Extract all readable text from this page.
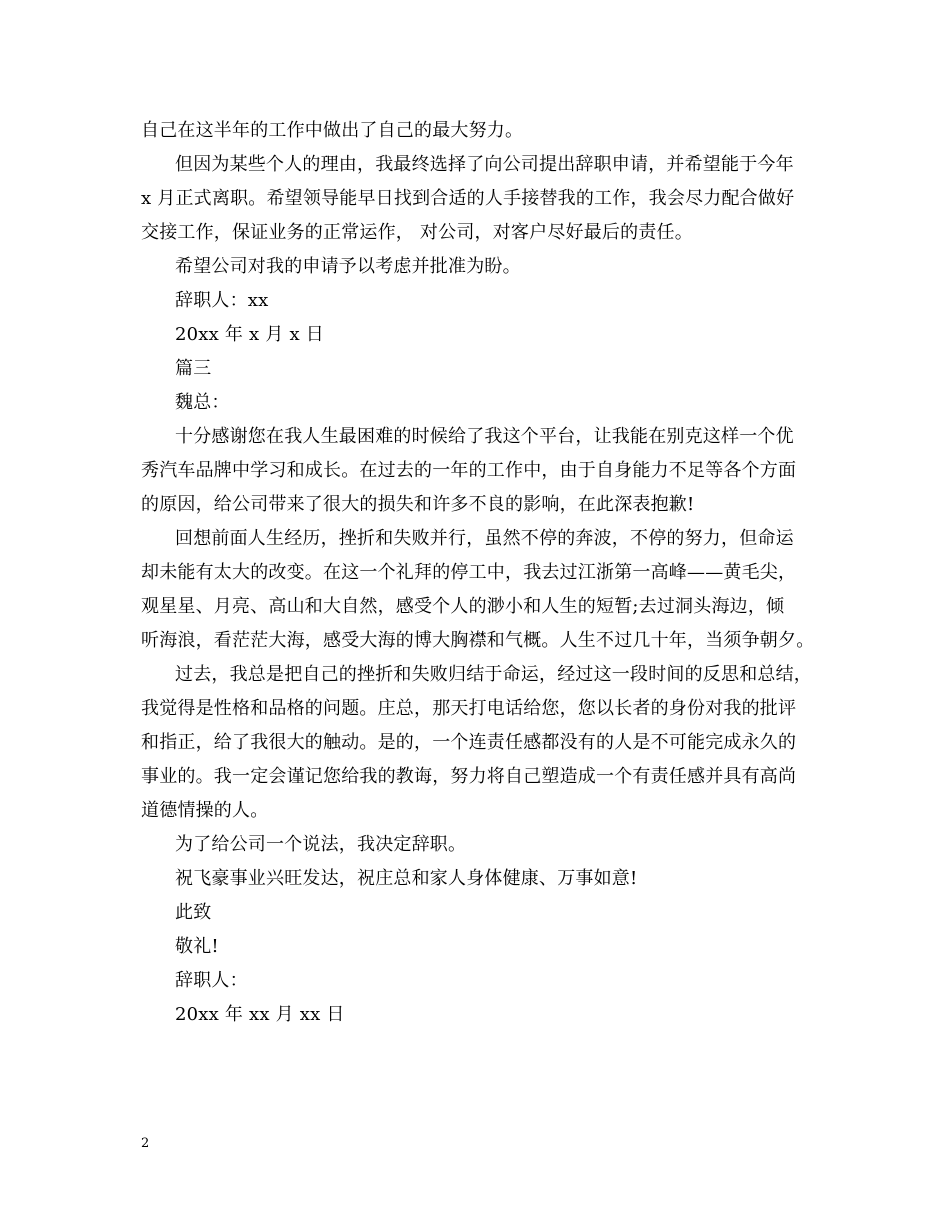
自己在这半年的工作中做出了自己的最大努力。
但因为某些个人的理由，我最终选择了向公司提出辞职申请，并希望能于今年
x 月正式离职。希望领导能早日找到合适的人手接替我的工作，我会尽力配合做好
交接工作，保证业务的正常运作， 对公司，对客户尽好最后的责任。
希望公司对我的申请予以考虑并批准为盼。
辞职人：xx
20xx 年 x 月 x 日
篇三
魏总：
十分感谢您在我人生最困难的时候给了我这个平台，让我能在别克这样一个优
秀汽车品牌中学习和成长。在过去的一年的工作中，由于自身能力不足等各个方面
的原因，给公司带来了很大的损失和许多不良的影响，在此深表抱歉!
回想前面人生经历，挫折和失败并行，虽然不停的奔波，不停的努力，但命运
却未能有太大的改变。在这一个礼拜的停工中，我去过江浙第一高峰——黄毛尖，
观星星、月亮、高山和大自然，感受个人的渺小和人生的短暂;去过洞头海边，倾
听海浪，看茫茫大海，感受大海的博大胸襟和气概。人生不过几十年，当须争朝夕。
过去，我总是把自己的挫折和失败归结于命运，经过这一段时间的反思和总结，
我觉得是性格和品格的问题。庄总，那天打电话给您，您以长者的身份对我的批评
和指正，给了我很大的触动。是的，一个连责任感都没有的人是不可能完成永久的
事业的。我一定会谨记您给我的教诲，努力将自己塑造成一个有责任感并具有高尚
道德情操的人。
为了给公司一个说法，我决定辞职。
祝飞豪事业兴旺发达，祝庄总和家人身体健康、万事如意!
此致
敬礼!
辞职人：
20xx 年 xx 月 xx 日
2
